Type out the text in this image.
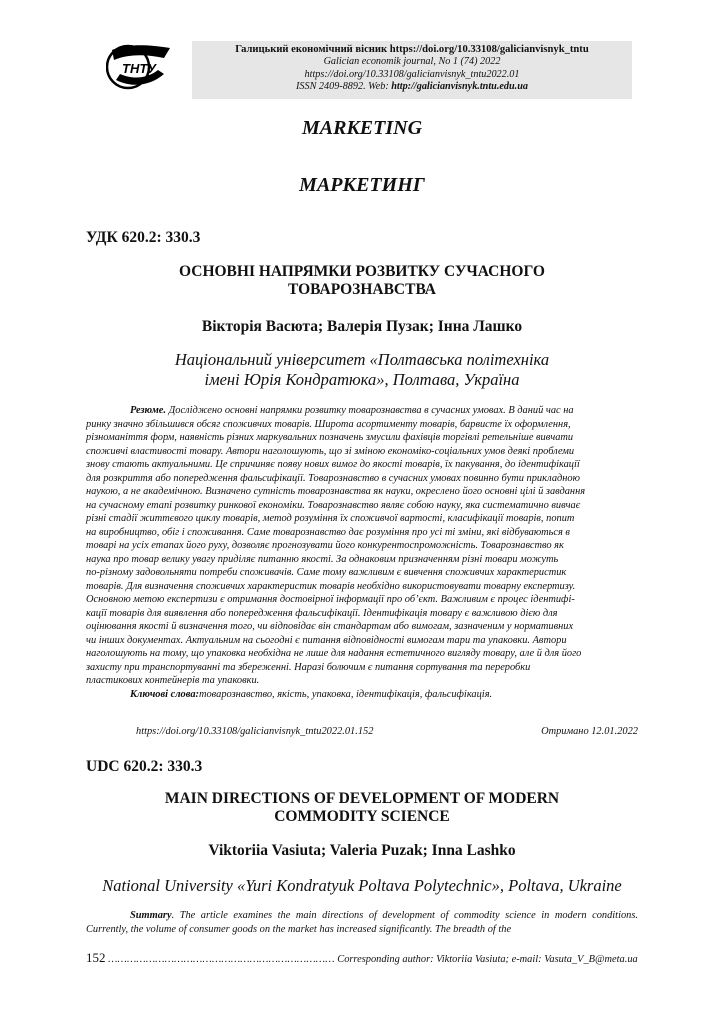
ТНТУ
Галицький економічний вісник https://doi.org/10.33108/galicianvisnyk_tntu
Galician economik journal, No 1 (74) 2022
https://doi.org/10.33108/galicianvisnyk_tntu2022.01
ISSN 2409-8892. Web: http://galicianvisnyk.tntu.edu.ua
MARKETING
МАРКЕТИНГ
УДК 620.2: 330.3
ОСНОВНІ НАПРЯМКИ РОЗВИТКУ СУЧАСНОГО
ТОВАРОЗНАВСТВА
Вікторія Васюта; Валерія Пузак; Інна Лашко
Національний університет «Полтавська політехніка
імені Юрія Кондратюка», Полтава, Україна
Резюме. Досліджено основні напрямки розвитку товарознавства в сучасних умовах. В даний час на
ринку значно збільшився обсяг споживчих товарів. Широта асортименту товарів, барвисте їх оформлення,
різноманіття форм, наявність різних маркувальних позначень змусили фахівців торгівлі ретельніше вивчати
споживчі властивості товару. Автори наголошують, що зі зміною економіко-соціальних умов деякі проблеми
знову стають актуальними. Це спричиняє появу нових вимог до якості товарів, їх пакування, до ідентифікації
для розкриття або попередження фальсифікації. Товарознавство в сучасних умовах повинно бути прикладною
наукою, а не академічною. Визначено сутність товарознавства як науки, окреслено його основні цілі й завдання
на сучасному етапі розвитку ринкової економіки. Товарознавство являє собою науку, яка систематично вивчає
різні стадії життєвого циклу товарів, метод розуміння їх споживчої вартості, класифікації товарів, попит
на виробництво, обіг і споживання. Саме товарознавство дає розуміння про усі ті зміни, які відбуваються в
товарі на усіх етапах його руху, дозволяє прогнозувати його конкурентоспроможність. Товарознавство як
наука про товар велику увагу приділяє питанню якості. За однаковим призначенням різні товари можуть
по-різному задовольняти потреби споживачів. Саме тому важливим є вивчення споживчих характеристик
товарів. Для визначення споживчих характеристик товарів необхідно використовувати товарну експертизу.
Основною метою експертизи є отримання достовірної інформації про об’єкт. Важливим є процес ідентифі-
кації товарів для виявлення або попередження фальсифікації. Ідентифікація товару є важливою дією для
оцінювання якості й визначення того, чи відповідає він стандартам або вимогам, зазначеним у нормативних
чи інших документах. Актуальним на сьогодні є питання відповідності вимогам тари та упаковки. Автори
наголошують на тому, що упаковка необхідна не лише для надання естетичного вигляду товару, але й для його
захисту при транспортуванні та збереженні. Наразі болючим є питання сортування та переробки
пластикових контейнерів та упаковки.
Ключові слова:товарознавство, якість, упаковка, ідентифікація, фальсифікація.
https://doi.org/10.33108/galicianvisnyk_tntu2022.01.152	Отримано 12.01.2022
UDC 620.2: 330.3
MAIN DIRECTIONS OF DEVELOPMENT OF MODERN
COMMODITY SCIENCE
Viktoriia Vasiuta; Valeria Puzak; Inna Lashko
National University «Yuri Kondratyuk Poltava Polytechnic», Poltava, Ukraine
Summary. The article examines the main directions of development of commodity science in modern conditions. Currently, the volume of consumer goods on the market has increased significantly. The breadth of the
152 ……………………………………………………………… Corresponding author: Viktoriia Vasiuta; e-mail: Vasuta_V_B@meta.ua
